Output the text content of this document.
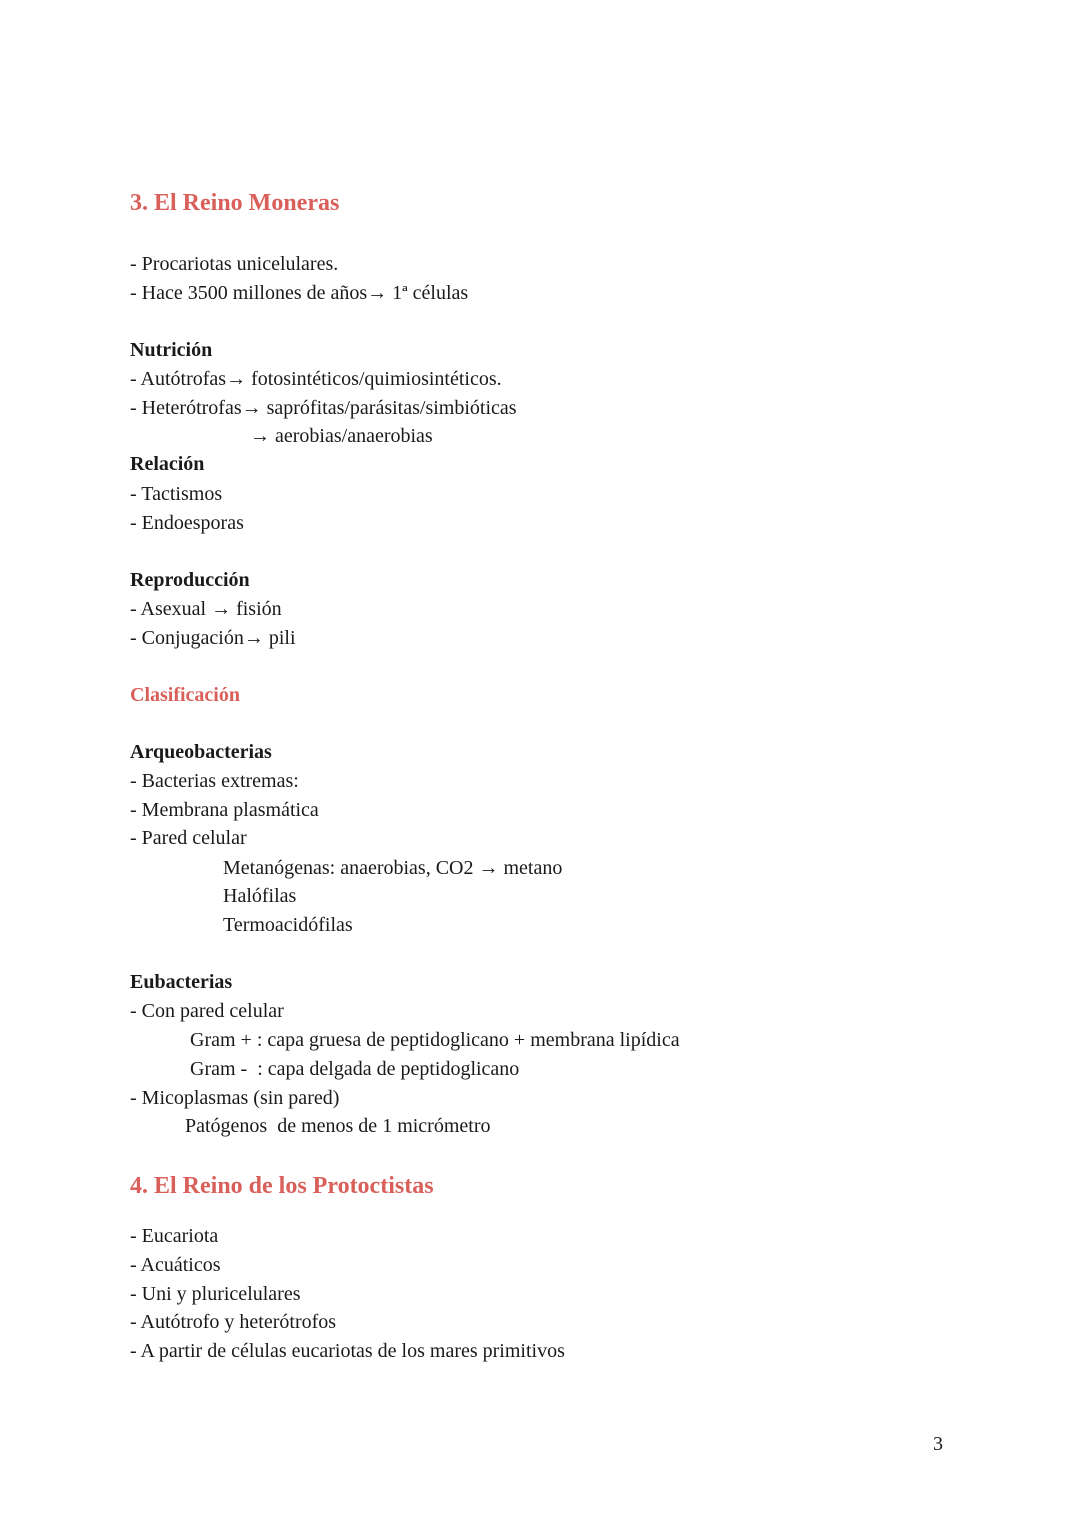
3. El Reino Moneras
- Procariotas unicelulares.
- Hace 3500 millones de años→ 1ª células
Nutrición
- Autótrofas→ fotosintéticos/quimiosintéticos.
- Heterótrofas→ saprófitas/parásitas/simbióticas
→ aerobias/anaerobias
Relación
- Tactismos
- Endoesporas
Reproducción
- Asexual → fisión
- Conjugación→ pili
Clasificación
Arqueobacterias
- Bacterias extremas:
- Membrana plasmática
- Pared celular
Metanógenas: anaerobias, CO2 → metano
Halófilas
Termoacidófilas
Eubacterias
- Con pared celular
Gram + : capa gruesa de peptidoglicano + membrana lipídica
Gram -  : capa delgada de peptidoglicano
- Micoplasmas (sin pared)
Patógenos  de menos de 1 micrómetro
4. El Reino de los Protoctistas
- Eucariota
- Acuáticos
- Uni y pluricelulares
- Autótrofo y heterótrofos
- A partir de células eucariotas de los mares primitivos
3
